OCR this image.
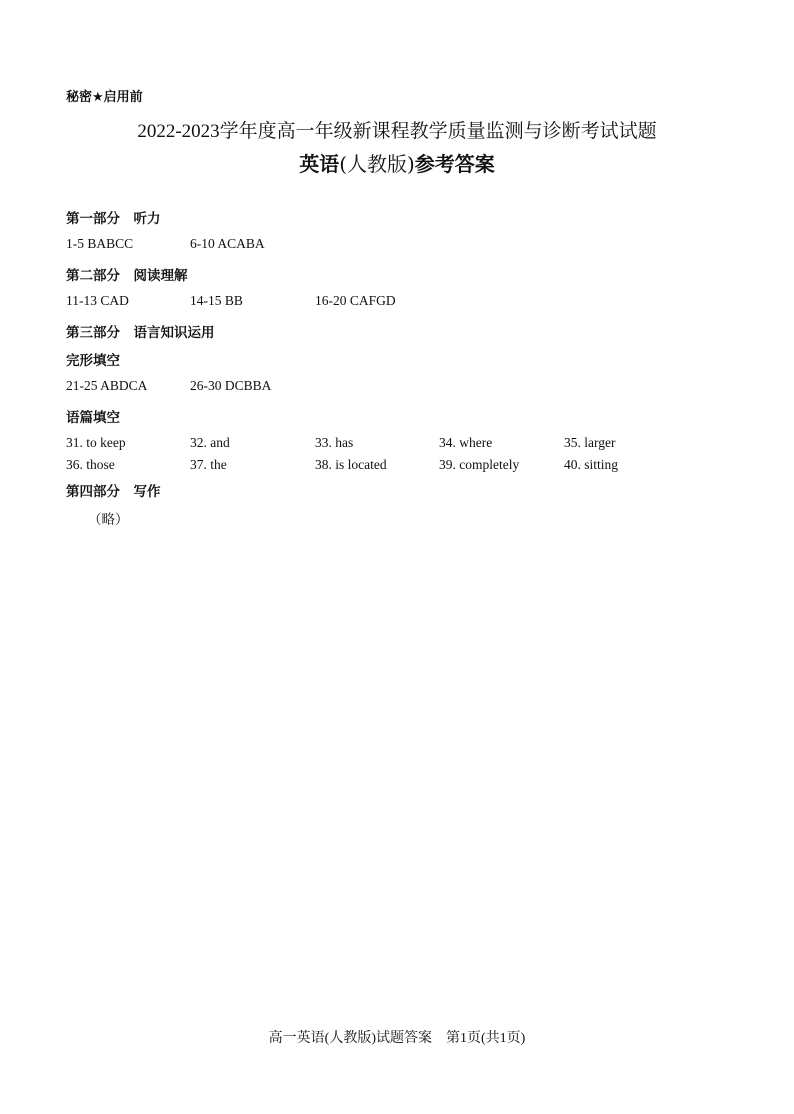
秘密★启用前
2022-2023学年度高一年级新课程教学质量监测与诊断考试试题
英语(人教版)参考答案
第一部分　听力
1-5 BABCC	6-10 ACABA
第二部分　阅读理解
11-13 CAD	14-15 BB	16-20 CAFGD
第三部分　语言知识运用
完形填空
21-25 ABDCA	26-30 DCBBA
语篇填空
31. to keep	32. and	33. has	34. where	35. larger
36. those	37. the	38. is located	39. completely	40. sitting
第四部分　写作
（略）
高一英语(人教版)试题答案　第1页(共1页)
